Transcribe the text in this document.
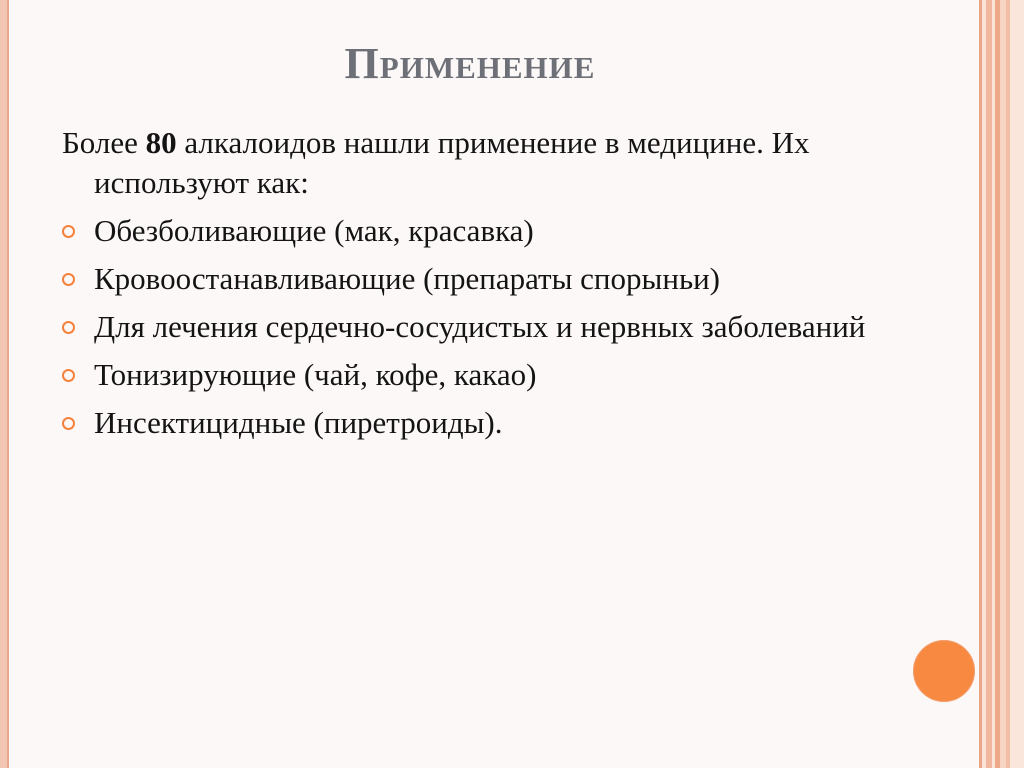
Применение

Более 80 алкалоидов нашли применение в медицине. Их используют как:

Обезболивающие (мак, красавка)
Кровоостанавливающие (препараты спорыньи)
Для лечения сердечно-сосудистых и нервных заболеваний
Тонизирующие (чай, кофе, какао)
Инсектицидные (пиретроиды).
